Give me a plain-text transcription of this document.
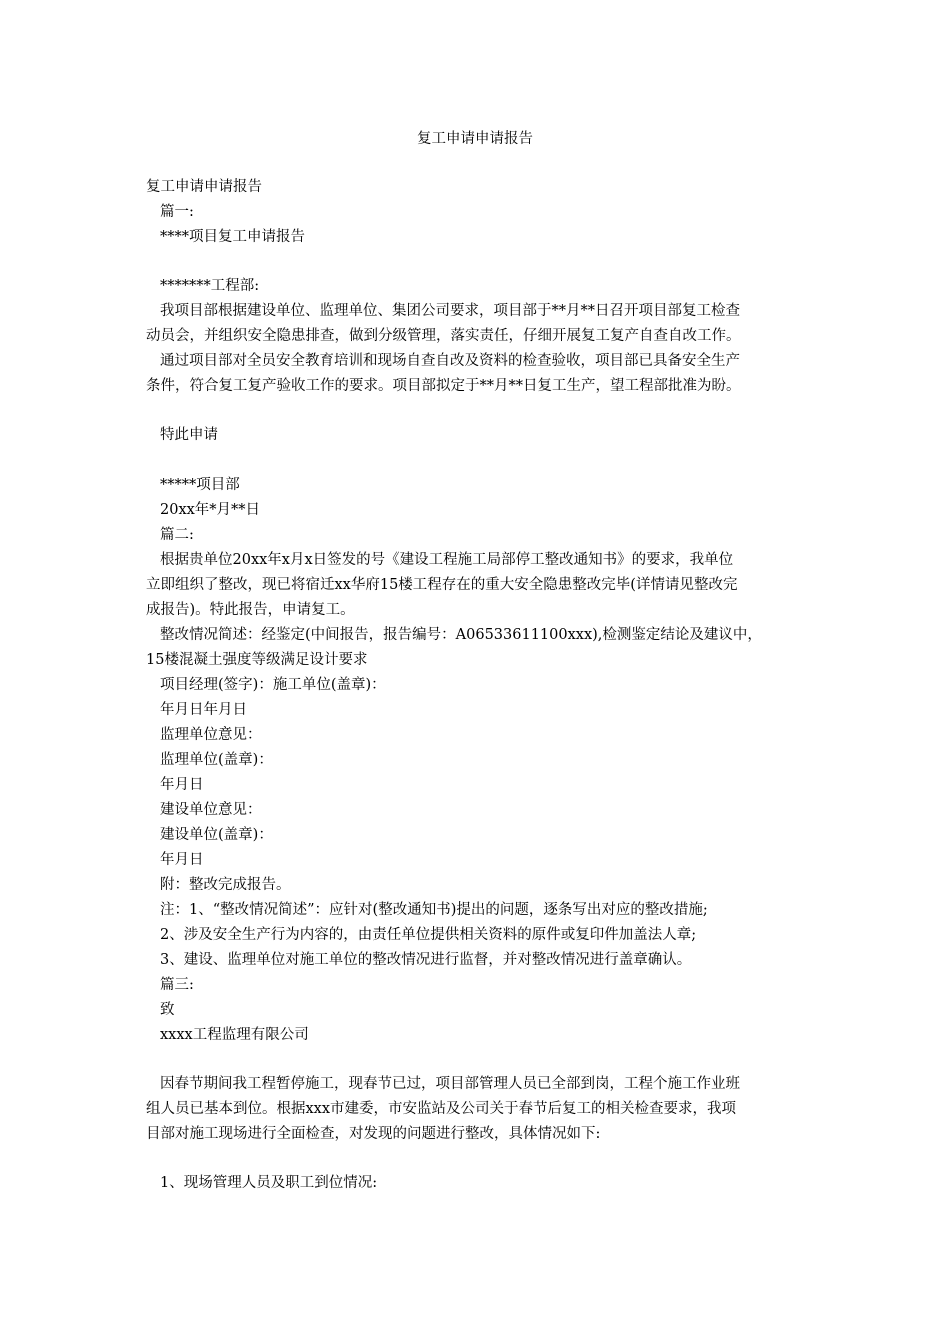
复工申请申请报告
复工申请申请报告
篇一:
****项目复工申请报告
*******工程部:
我项目部根据建设单位、监理单位、集团公司要求，项目部于**月**日召开项目部复工检查
动员会，并组织安全隐患排查，做到分级管理，落实责任，仔细开展复工复产自查自改工作。
通过项目部对全员安全教育培训和现场自查自改及资料的检查验收，项目部已具备安全生产
条件，符合复工复产验收工作的要求。项目部拟定于**月**日复工生产，望工程部批准为盼。
特此申请
*****项目部
20xx年*月**日
篇二:
根据贵单位20xx年x月x日签发的号《建设工程施工局部停工整改通知书》的要求，我单位
立即组织了整改，现已将宿迁xx华府15楼工程存在的重大安全隐患整改完毕(详情请见整改完
成报告)。特此报告，申请复工。
整改情况简述：经鉴定(中间报告，报告编号：A06533611100xxx),检测鉴定结论及建议中，
15楼混凝土强度等级满足设计要求
项目经理(签字)：施工单位(盖章)：
年月日年月日
监理单位意见：
监理单位(盖章)：
年月日
建设单位意见：
建设单位(盖章)：
年月日
附：整改完成报告。
注：1、“整改情况简述”：应针对(整改通知书)提出的问题，逐条写出对应的整改措施;
2、涉及安全生产行为内容的，由责任单位提供相关资料的原件或复印件加盖法人章;
3、建设、监理单位对施工单位的整改情况进行监督，并对整改情况进行盖章确认。
篇三:
致
xxxx工程监理有限公司
因春节期间我工程暂停施工，现春节已过，项目部管理人员已全部到岗，工程个施工作业班
组人员已基本到位。根据xxx市建委，市安监站及公司关于春节后复工的相关检查要求，我项
目部对施工现场进行全面检查，对发现的问题进行整改，具体情况如下:
1、现场管理人员及职工到位情况:
